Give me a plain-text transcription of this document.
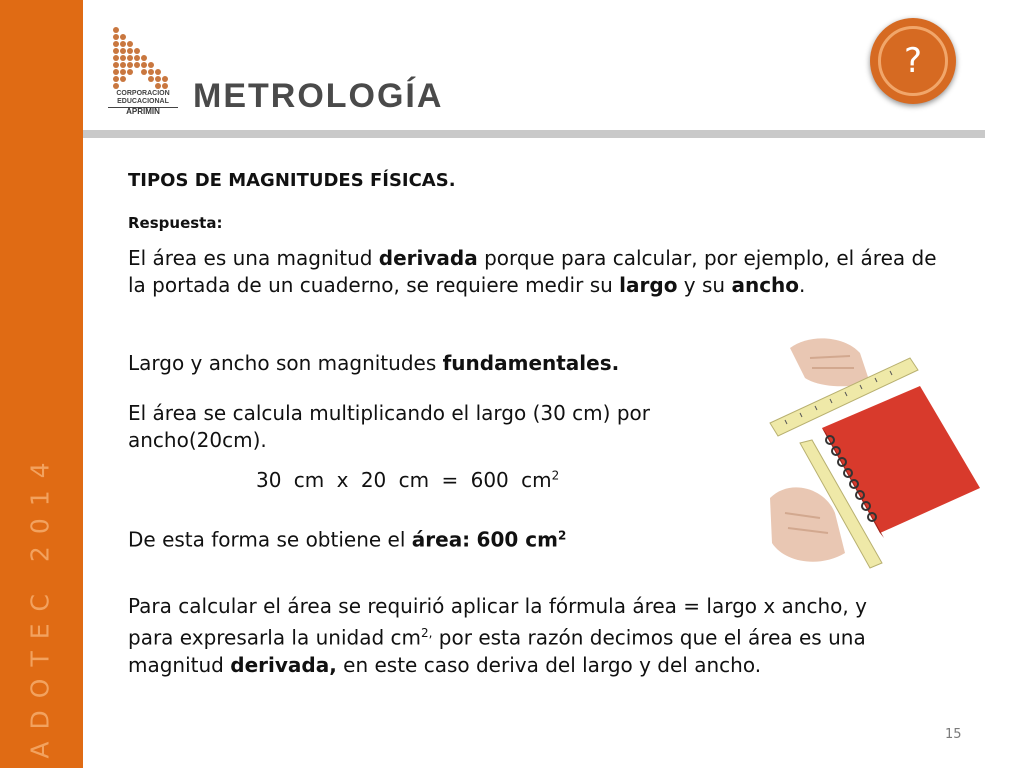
ADOTEC 2014
CORPORACION
EDUCACIONAL
APRIMIN METROLOGÍA
?
TIPOS DE MAGNITUDES FÍSICAS.
Respuesta:
El área es una magnitud derivada porque para calcular, por ejemplo, el área de la portada de un cuaderno, se requiere medir su largo y su ancho.
Largo y ancho son magnitudes fundamentales.
El área se calcula multiplicando el largo (30 cm) por ancho(20cm).
30 cm x 20 cm = 600 $cm^2$
De esta forma se obtiene el área: 600 $cm^2$
Para calcular el área se requirió aplicar la fórmula área = largo x ancho, y para expresarla la unidad $cm^{2,}$ por esta razón decimos que el área es una magnitud derivada, en este caso deriva del largo y del ancho.
15
